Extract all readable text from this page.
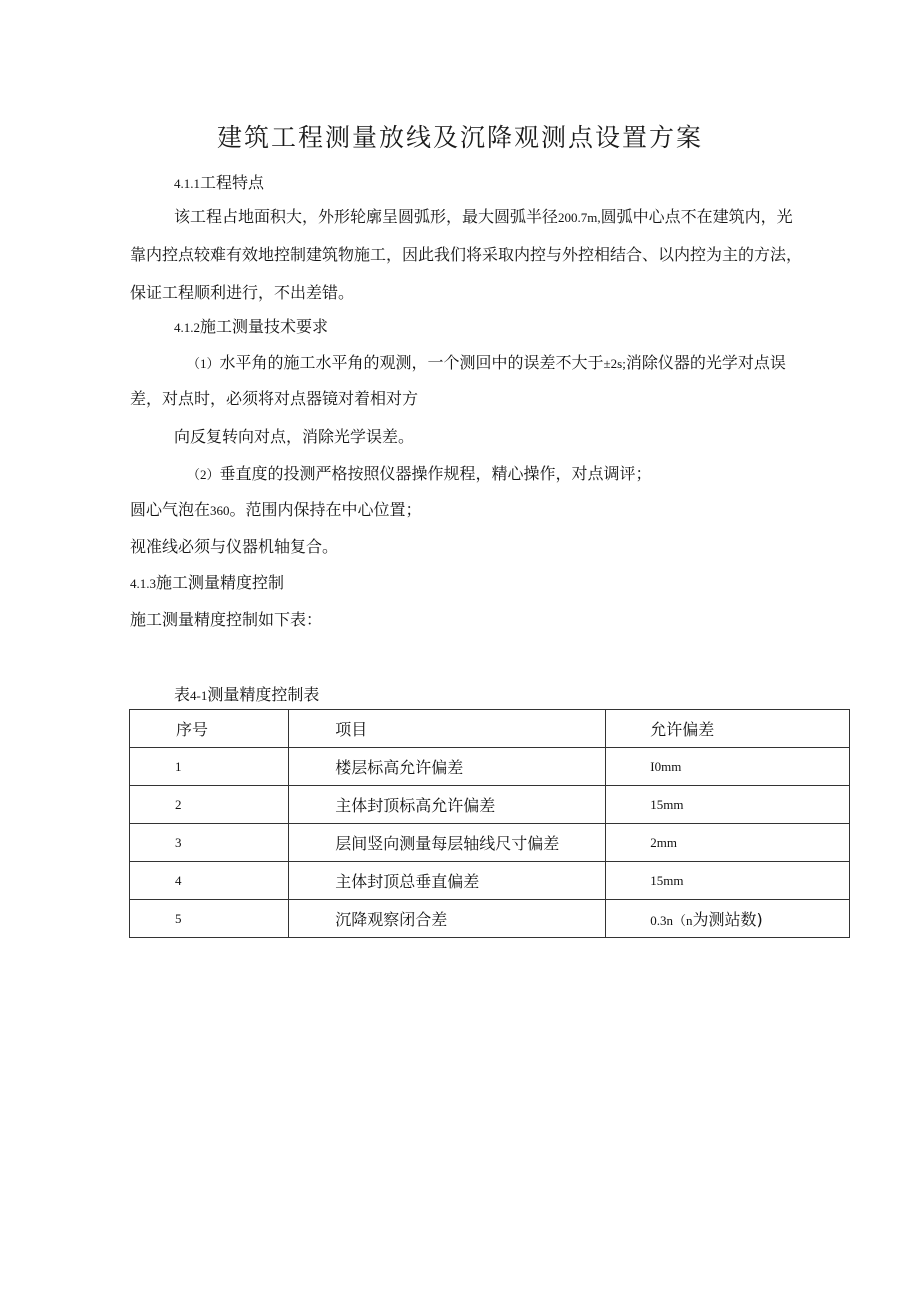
建筑工程测量放线及沉降观测点设置方案
4.1.1工程特点
该工程占地面积大，外形轮廓呈圆弧形，最大圆弧半径200.7m,圆弧中心点不在建筑内，光
靠内控点较难有效地控制建筑物施工，因此我们将采取内控与外控相结合、以内控为主的方法，
保证工程顺利进行，不出差错。
4.1.2施工测量技术要求
（1）水平角的施工水平角的观测，一个测回中的误差不大于±2s;消除仪器的光学对点误
差，对点时，必须将对点器镜对着相对方
向反复转向对点，消除光学误差。
（2）垂直度的投测严格按照仪器操作规程，精心操作，对点调评；
圆心气泡在360。范围内保持在中心位置；
视准线必须与仪器机轴复合。
4.1.3施工测量精度控制
施工测量精度控制如下表：
表4-1测量精度控制表
序号	项目	允许偏差
1	楼层标高允许偏差	I0mm
2	主体封顶标高允许偏差	15mm
3	层间竖向测量每层轴线尺寸偏差	2mm
4	主体封顶总垂直偏差	15mm
5	沉降观察闭合差	0.3n（n为测站数)
